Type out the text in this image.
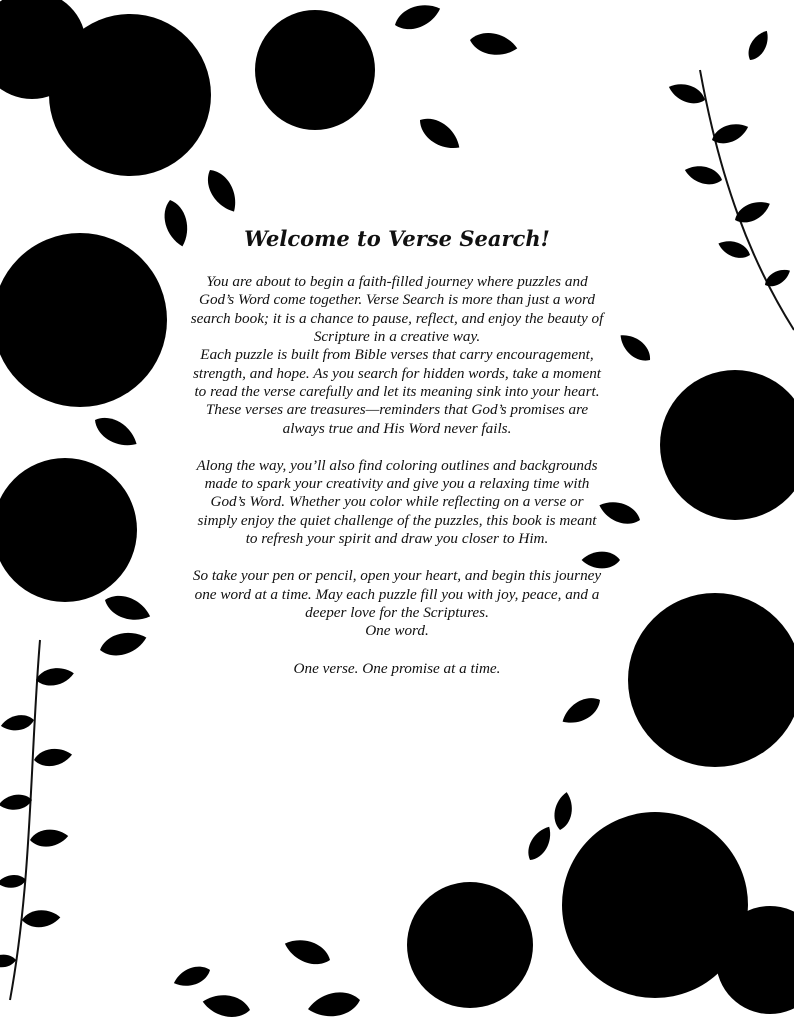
Welcome to Verse Search!
You are about to begin a faith-filled journey where puzzles and God’s Word come together. Verse Search is more than just a word search book; it is a chance to pause, reflect, and enjoy the beauty of Scripture in a creative way.
Each puzzle is built from Bible verses that carry encouragement, strength, and hope. As you search for hidden words, take a moment to read the verse carefully and let its meaning sink into your heart. These verses are treasures—reminders that God’s promises are always true and His Word never fails.

Along the way, you’ll also find coloring outlines and backgrounds made to spark your creativity and give you a relaxing time with God’s Word. Whether you color while reflecting on a verse or simply enjoy the quiet challenge of the puzzles, this book is meant to refresh your spirit and draw you closer to Him.

So take your pen or pencil, open your heart, and begin this journey one word at a time. May each puzzle fill you with joy, peace, and a deeper love for the Scriptures.
One word.
One verse. One promise at a time.
